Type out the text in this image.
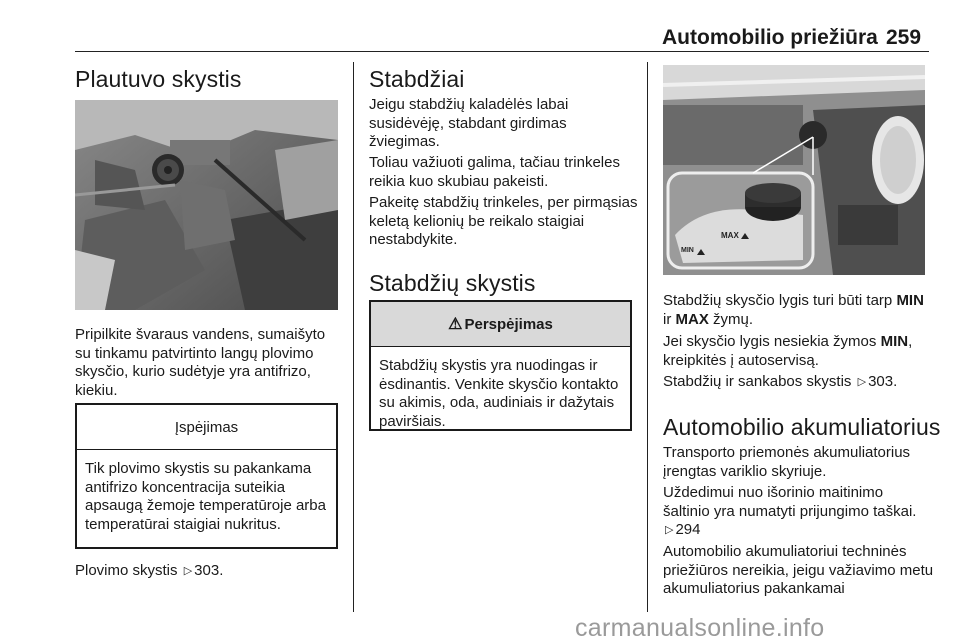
Automobilio priežiūra 259
Plautuvo skystis

Pripilkite švaraus vandens, sumaišyto su tinkamu patvirtinto langų plovimo skysčio, kurio sudėtyje yra antifrizo, kiekiu.

Įspėjimas
Tik plovimo skystis su pakankama antifrizo koncentracija suteikia apsaugą žemoje temperatūroje arba temperatūrai staigiai nukritus.

Plovimo skystis ▷ 303.

Stabdžiai

Jeigu stabdžių kaladėlės labai susidėvėję, stabdant girdimas žviegimas.

Toliau važiuoti galima, tačiau trinkeles reikia kuo skubiau pakeisti.

Pakeitę stabdžių trinkeles, per pirmąsias keletą kelionių be reikalo staigiai nestabdykite.

Stabdžių skystis
⚠ Perspėjimas
Stabdžių skystis yra nuodingas ir ėsdinantis. Venkite skysčio kontakto su akimis, oda, audiniais ir dažytais paviršiais.
MAX
MIN

Stabdžių skysčio lygis turi būti tarp MIN ir MAX žymų.

Jei skysčio lygis nesiekia žymos MIN, kreipkitės į autoservisą.

Stabdžių ir sankabos skystis ▷ 303.

Automobilio akumuliatorius

Transporto priemonės akumuliatorius įrengtas variklio skyriuje.

Uždedimui nuo išorinio maitinimo šaltinio yra numatyti prijungimo taškai. ▷ 294

Automobilio akumuliatoriui techninės priežiūros nereikia, jeigu važiavimo metu akumuliatorius pakankamai

carmanualsonline.info
